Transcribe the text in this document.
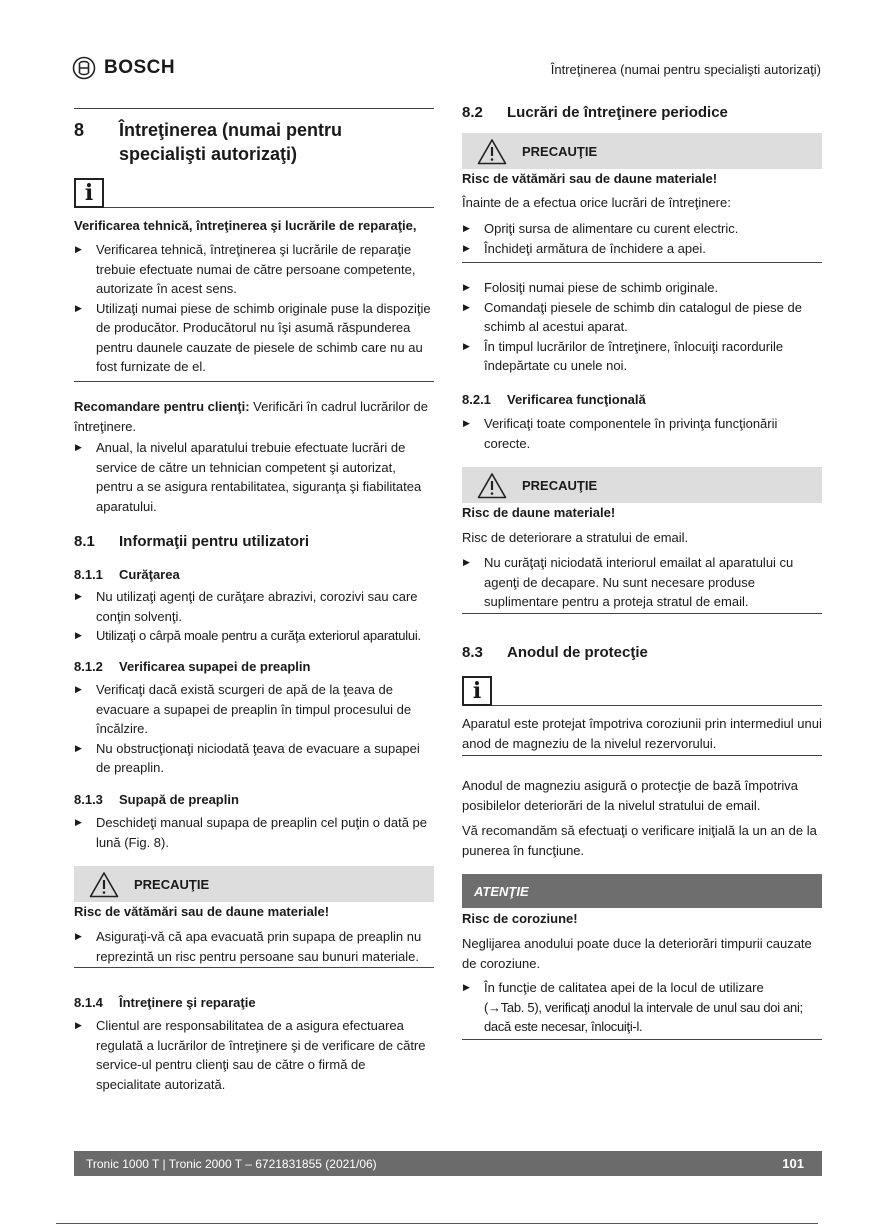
BOSCH	Întreţinerea (numai pentru specialişti autorizaţi)
8	Întreţinerea (numai pentru specialişti autorizaţi)
i
Verificarea tehnică, întreţinerea şi lucrările de reparaţie,
▶ Verificarea tehnică, întreţinerea şi lucrările de reparaţie trebuie efectuate numai de către persoane competente, autorizate în acest sens.
▶ Utilizaţi numai piese de schimb originale puse la dispoziţie de producător. Producătorul nu îşi asumă răspunderea pentru daunele cauzate de piesele de schimb care nu au fost furnizate de el.
Recomandare pentru clienţi: Verificări în cadrul lucrărilor de întreţinere.
▶ Anual, la nivelul aparatului trebuie efectuate lucrări de service de către un tehnician competent şi autorizat, pentru a se asigura rentabilitatea, siguranţa şi fiabilitatea aparatului.
8.1	Informaţii pentru utilizatori
8.1.1	Curăţarea
▶ Nu utilizaţi agenţi de curăţare abrazivi, corozivi sau care conţin solvenţi.
▶ Utilizaţi o cârpă moale pentru a curăţa exteriorul aparatului.
8.1.2	Verificarea supapei de preaplin
▶ Verificaţi dacă există scurgeri de apă de la ţeava de evacuare a supapei de preaplin în timpul procesului de încălzire.
▶ Nu obstrucţionaţi niciodată ţeava de evacuare a supapei de preaplin.
8.1.3	Supapă de preaplin
▶ Deschideţi manual supapa de preaplin cel puţin o dată pe lună (Fig. 8).
PRECAUŢIE
Risc de vătămări sau de daune materiale!
▶ Asiguraţi-vă că apa evacuată prin supapa de preaplin nu reprezintă un risc pentru persoane sau bunuri materiale.
8.1.4	Întreţinere şi reparaţie
▶ Clientul are responsabilitatea de a asigura efectuarea regulată a lucrărilor de întreţinere şi de verificare de către service-ul pentru clienţi sau de către o firmă de specialitate autorizată.
8.2	Lucrări de întreţinere periodice
PRECAUŢIE
Risc de vătămări sau de daune materiale!
Înainte de a efectua orice lucrări de întreţinere:
▶ Opriţi sursa de alimentare cu curent electric.
▶ Închideţi armătura de închidere a apei.
▶ Folosiţi numai piese de schimb originale.
▶ Comandaţi piesele de schimb din catalogul de piese de schimb al acestui aparat.
▶ În timpul lucrărilor de întreţinere, înlocuiţi racordurile îndepărtate cu unele noi.
8.2.1	Verificarea funcţională
▶ Verificaţi toate componentele în privinţa funcţionării corecte.
PRECAUŢIE
Risc de daune materiale!
Risc de deteriorare a stratului de email.
▶ Nu curăţaţi niciodată interiorul emailat al aparatului cu agenţi de decapare. Nu sunt necesare produse suplimentare pentru a proteja stratul de email.
8.3	Anodul de protecţie
i
Aparatul este protejat împotriva coroziunii prin intermediul unui anod de magneziu de la nivelul rezervorului.
Anodul de magneziu asigură o protecţie de bază împotriva posibilelor deteriorări de la nivelul stratului de email.
Vă recomandăm să efectuaţi o verificare iniţială la un an de la punerea în funcţiune.
ATENŢIE
Risc de coroziune!
Neglijarea anodului poate duce la deteriorări timpurii cauzate de coroziune.
▶ În funcţie de calitatea apei de la locul de utilizare
(→Tab. 5), verificaţi anodul la intervale de unul sau doi ani; dacă este necesar, înlocuiţi-l.
Tronic 1000 T | Tronic 2000 T – 6721831855 (2021/06)	101
